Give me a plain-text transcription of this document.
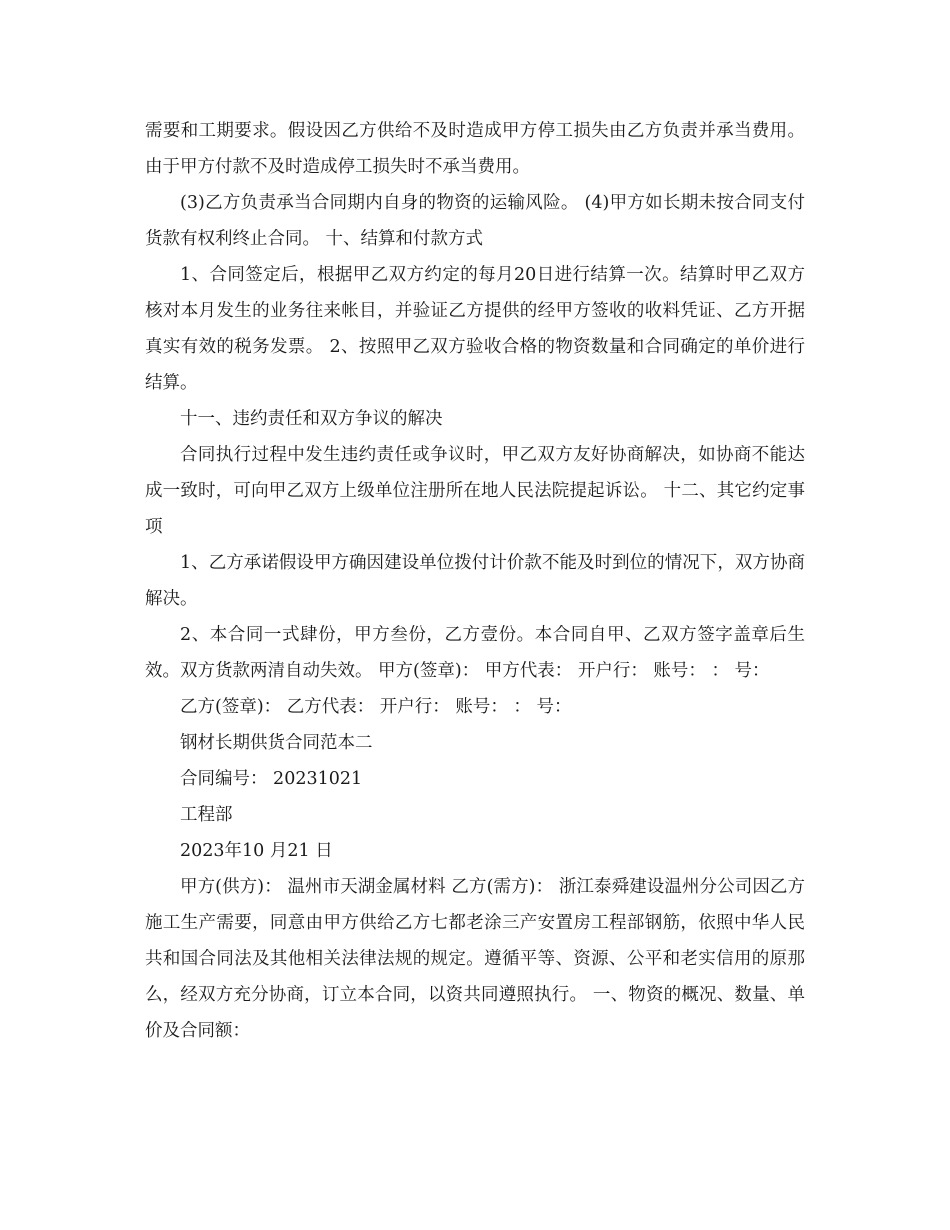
需要和工期要求。假设因乙方供给不及时造成甲方停工损失由乙方负责并承当费用。由于甲方付款不及时造成停工损失时不承当费用。

(3)乙方负责承当合同期内自身的物资的运输风险。 (4)甲方如长期未按合同支付货款有权利终止合同。 十、结算和付款方式

1、合同签定后，根据甲乙双方约定的每月20日进行结算一次。结算时甲乙双方核对本月发生的业务往来帐目，并验证乙方提供的经甲方签收的收料凭证、乙方开据真实有效的税务发票。 2、按照甲乙双方验收合格的物资数量和合同确定的单价进行结算。

十一、违约责任和双方争议的解决

合同执行过程中发生违约责任或争议时，甲乙双方友好协商解决，如协商不能达成一致时，可向甲乙双方上级单位注册所在地人民法院提起诉讼。 十二、其它约定事项

1、乙方承诺假设甲方确因建设单位拨付计价款不能及时到位的情况下，双方协商解决。

2、本合同一式肆份，甲方叁份，乙方壹份。本合同自甲、乙双方签字盖章后生效。双方货款两清自动失效。 甲方(签章)： 甲方代表： 开户行： 账号： ： 号：

乙方(签章)： 乙方代表： 开户行： 账号： ： 号：

钢材长期供货合同范本二

合同编号： 20231021

工程部

2023年10 月21 日

甲方(供方)： 温州市天湖金属材料 乙方(需方)： 浙江泰舜建设温州分公司因乙方施工生产需要，同意由甲方供给乙方七都老涂三产安置房工程部钢筋，依照中华人民共和国合同法及其他相关法律法规的规定。遵循平等、资源、公平和老实信用的原那么，经双方充分协商，订立本合同，以资共同遵照执行。 一、物资的概况、数量、单价及合同额：
